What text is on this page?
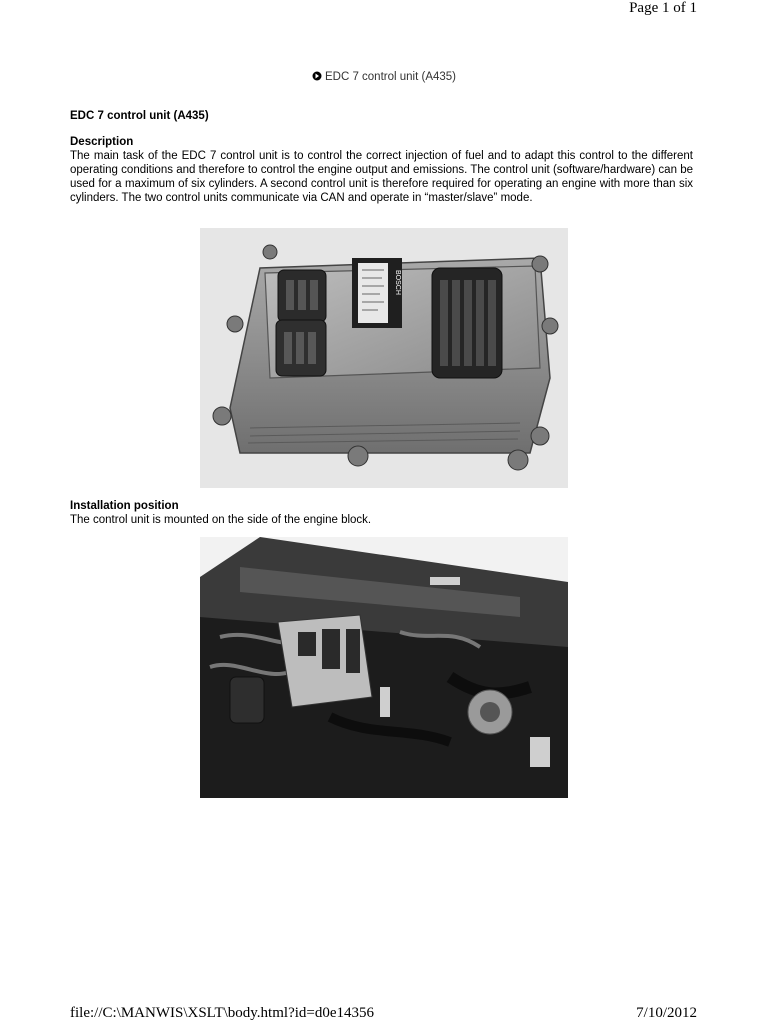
Page 1 of 1
EDC 7 control unit (A435)
EDC 7 control unit (A435)
Description

The main task of the EDC 7 control unit is to control the correct injection of fuel and to adapt this control to the different operating conditions and therefore to control the engine output and emissions. The control unit (software/hardware) can be used for a maximum of six cylinders. A second control unit is therefore required for operating an engine with more than six cylinders. The two control units communicate via CAN and operate in “master/slave” mode.

BOSCH
Installation position

The control unit is mounted on the side of the engine block.

file://C:\MANWIS\XSLT\body.html?id=d0e14356	7/10/2012
